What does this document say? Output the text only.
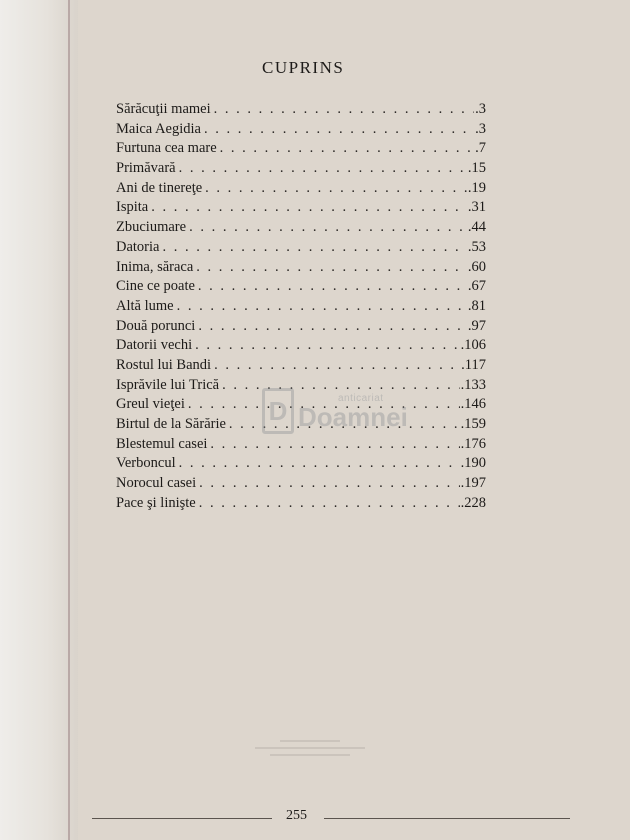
CUPRINS
Sărăcuţii mamei . . .	.3
Maica Aegidia . . .	.3
Furtuna cea mare . . .	.7
Primăvară . . .	.15
Ani de tinereţe . . .	.19
Ispita . . .	.31
Zbuciumare . . .	.44
Datoria . . .	.53
Inima, săraca . . .	.60
Cine ce poate . . .	.67
Altă lume . . .	.81
Două porunci . . .	.97
Datorii vechi . . .	.106
Rostul lui Bandi . . .	.117
Isprăvile lui Trică . . .	.133
Greul vieţei . . .	.146
Birtul de la Sărărie . . .	.159
Blestemul casei . . .	.176
Verboncul . . .	.190
Norocul casei . . .	.197
Pace şi linişte . . .	.228
D	anticariat
Doamnei
255
